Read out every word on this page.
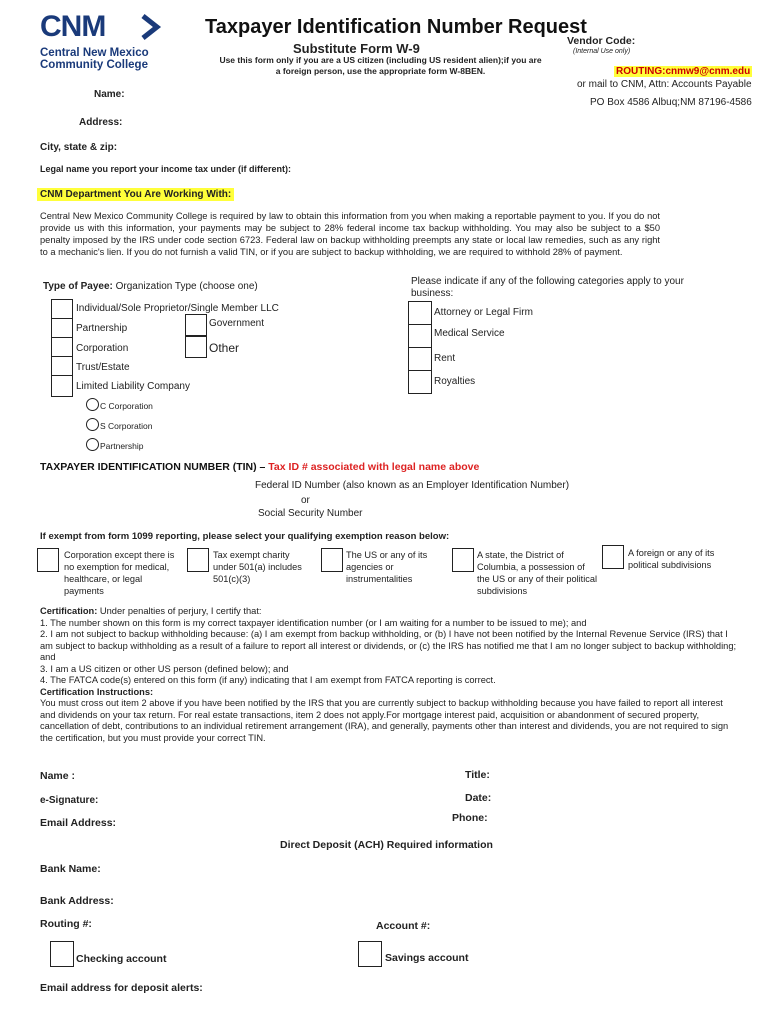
CNM
Central New Mexico Community College
Taxpayer Identification Number Request
Substitute Form W-9
Use this form only if you are a US citizen (including US resident alien);if you are a foreign person, use the appropriate form W-8BEN.
Vendor Code:
(Internal Use only)
ROUTING:cnmw9@cnm.edu
or mail to CNM, Attn: Accounts Payable
PO Box 4586 Albuq;NM 87196-4586
Name:
Address:
City, state & zip:
Legal name you report your income tax under (if different):
CNM Department You Are Working With:
Central New Mexico Community College is required by law to obtain this information from you when making a reportable payment to you. If you do not provide us with this information, your payments may be subject to 28% federal income tax backup withholding. You may also be subject to a $50 penalty imposed by the IRS under code section 6723. Federal law on backup withholding preempts any state or local law remedies, such as any right to a mechanic's lien. If you do not furnish a valid TIN, or if you are subject to backup withholding, we are required to withhold 28% of payment.
Type of Payee: Organization Type (choose one)
Individual/Sole Proprietor/Single Member LLC
Partnership
Corporation
Trust/Estate
Limited Liability Company
Government
Other
C Corporation
S Corporation
Partnership
Please indicate if any of the following categories apply to your business:
Attorney or Legal Firm
Medical Service
Rent
Royalties
TAXPAYER IDENTIFICATION NUMBER (TIN) – Tax ID # associated with legal name above
Federal ID Number (also known as an Employer Identification Number)
or
Social Security Number
If exempt from form 1099 reporting, please select your qualifying exemption reason below:
Corporation except there is no exemption for medical, healthcare, or legal payments
Tax exempt charity under 501(a) includes 501(c)(3)
The US or any of its agencies or instrumentalities
A state, the District of Columbia, a possession of the US or any of their political subdivisions
A foreign or any of its political subdivisions
Certification: Under penalties of perjury, I certify that:
1. The number shown on this form is my correct taxpayer identification number (or I am waiting for a number to be issued to me); and
2. I am not subject to backup withholding because: (a) I am exempt from backup withholding, or (b) I have not been notified by the Internal Revenue Service (IRS) that I am subject to backup withholding as a result of a failure to report all interest or dividends, or (c) the IRS has notified me that I am no longer subject to backup withholding; and
3. I am a US citizen or other US person (defined below); and
4. The FATCA code(s) entered on this form (if any) indicating that I am exempt from FATCA reporting is correct.
Certification Instructions:
You must cross out item 2 above if you have been notified by the IRS that you are currently subject to backup withholding because you have failed to report all interest and dividends on your tax return. For real estate transactions, item 2 does not apply.For mortgage interest paid, acquisition or abandonment of secured property, cancellation of debt, contributions to an individual retirement arrangement (IRA), and generally, payments other than interest and dividends, you are not required to sign the certification, but you must provide your correct TIN.
Name :	Title:
e-Signature:	Date:
Email Address:	Phone:
Direct Deposit (ACH) Required information
Bank Name:
Bank Address:
Routing #:	Account #:
Checking account	Savings account
Email address for deposit alerts:
